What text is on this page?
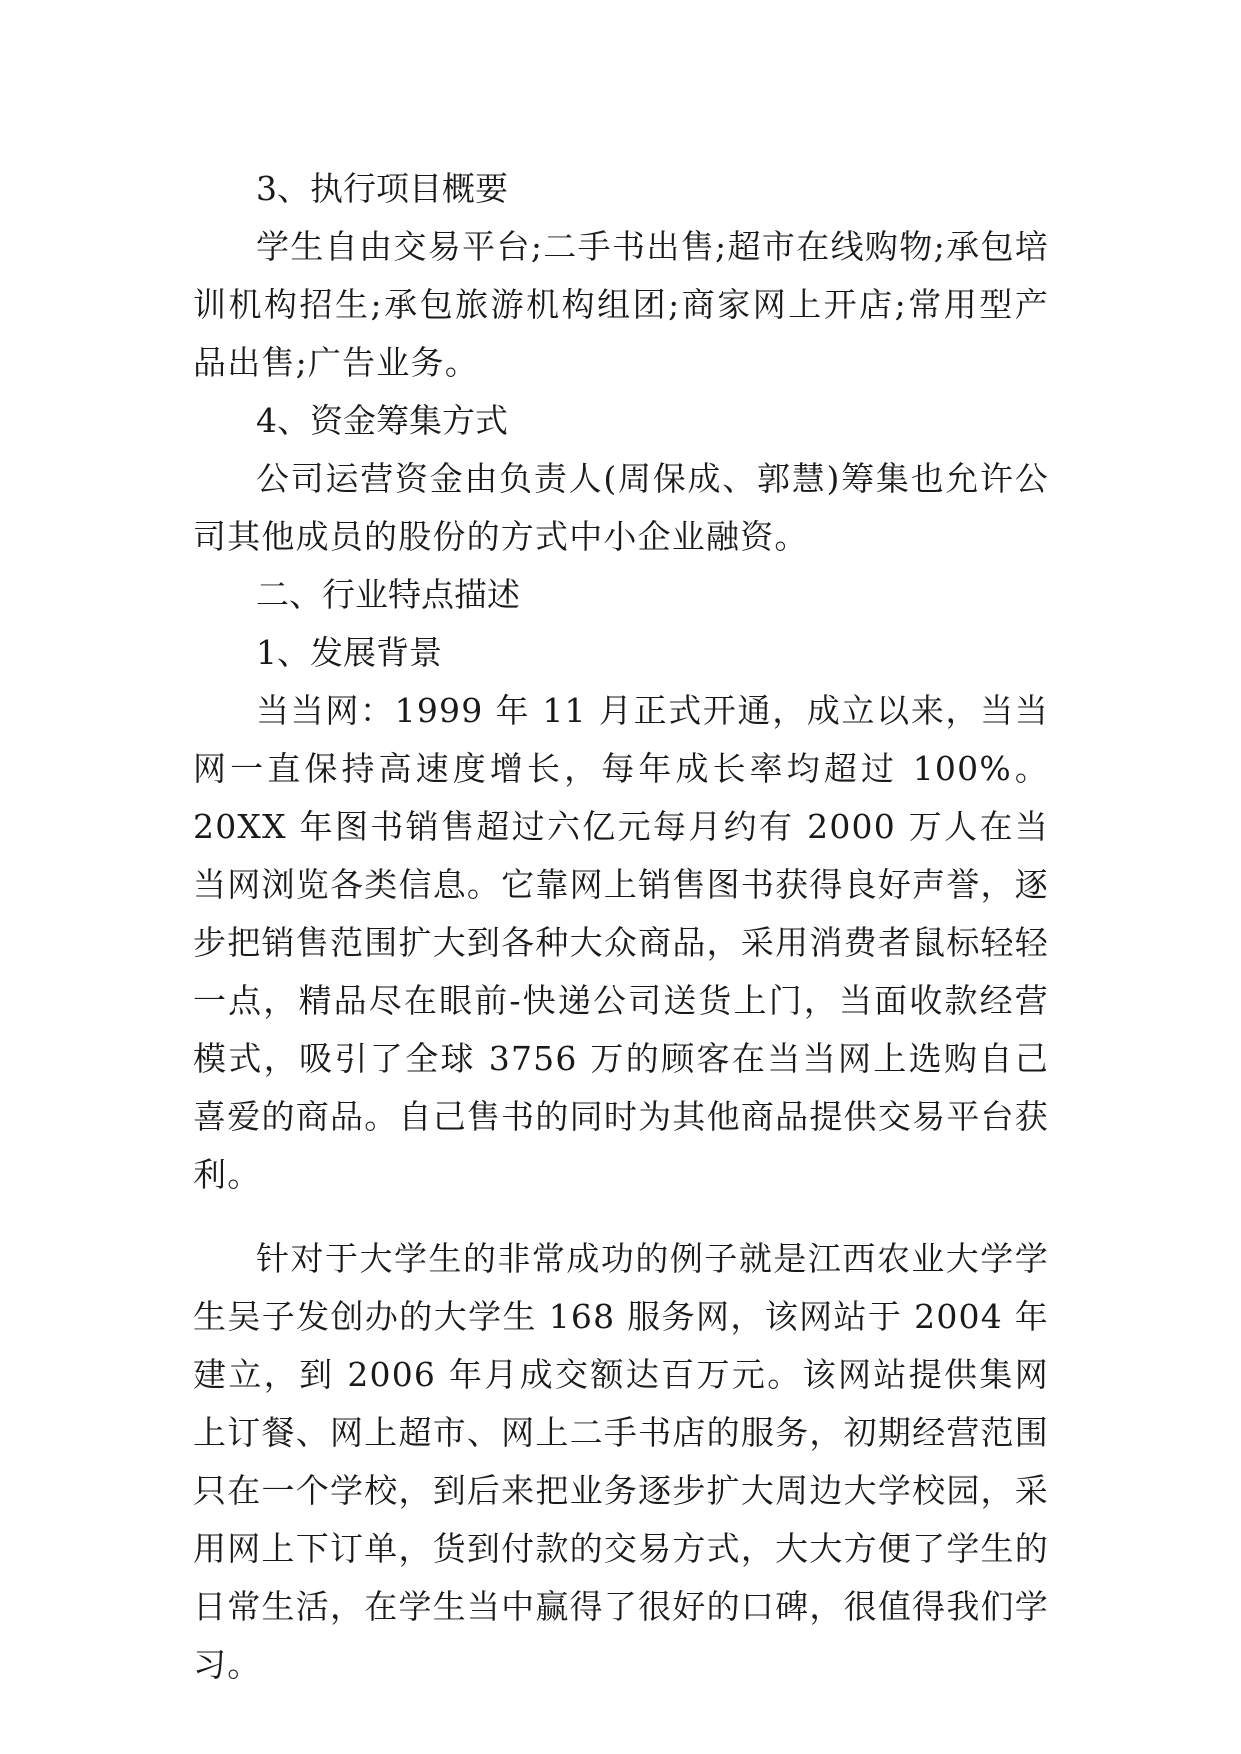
3、执行项目概要

学生自由交易平台;二手书出售;超市在线购物;承包培训机构招生;承包旅游机构组团;商家网上开店;常用型产品出售;广告业务。

4、资金筹集方式

公司运营资金由负责人(周保成、郭慧)筹集也允许公司其他成员的股份的方式中小企业融资。

二、行业特点描述

1、发展背景

当当网：1999 年 11 月正式开通，成立以来，当当网一直保持高速度增长，每年成长率均超过 100%。20XX 年图书销售超过六亿元每月约有 2000 万人在当当网浏览各类信息。它靠网上销售图书获得良好声誉，逐步把销售范围扩大到各种大众商品，采用消费者鼠标轻轻一点，精品尽在眼前-快递公司送货上门，当面收款经营模式，吸引了全球 3756 万的顾客在当当网上选购自己喜爱的商品。自己售书的同时为其他商品提供交易平台获利。

针对于大学生的非常成功的例子就是江西农业大学学生吴子发创办的大学生 168 服务网，该网站于 2004 年建立，到 2006 年月成交额达百万元。该网站提供集网上订餐、网上超市、网上二手书店的服务，初期经营范围只在一个学校，到后来把业务逐步扩大周边大学校园，采用网上下订单，货到付款的交易方式，大大方便了学生的日常生活，在学生当中赢得了很好的口碑，很值得我们学习。
